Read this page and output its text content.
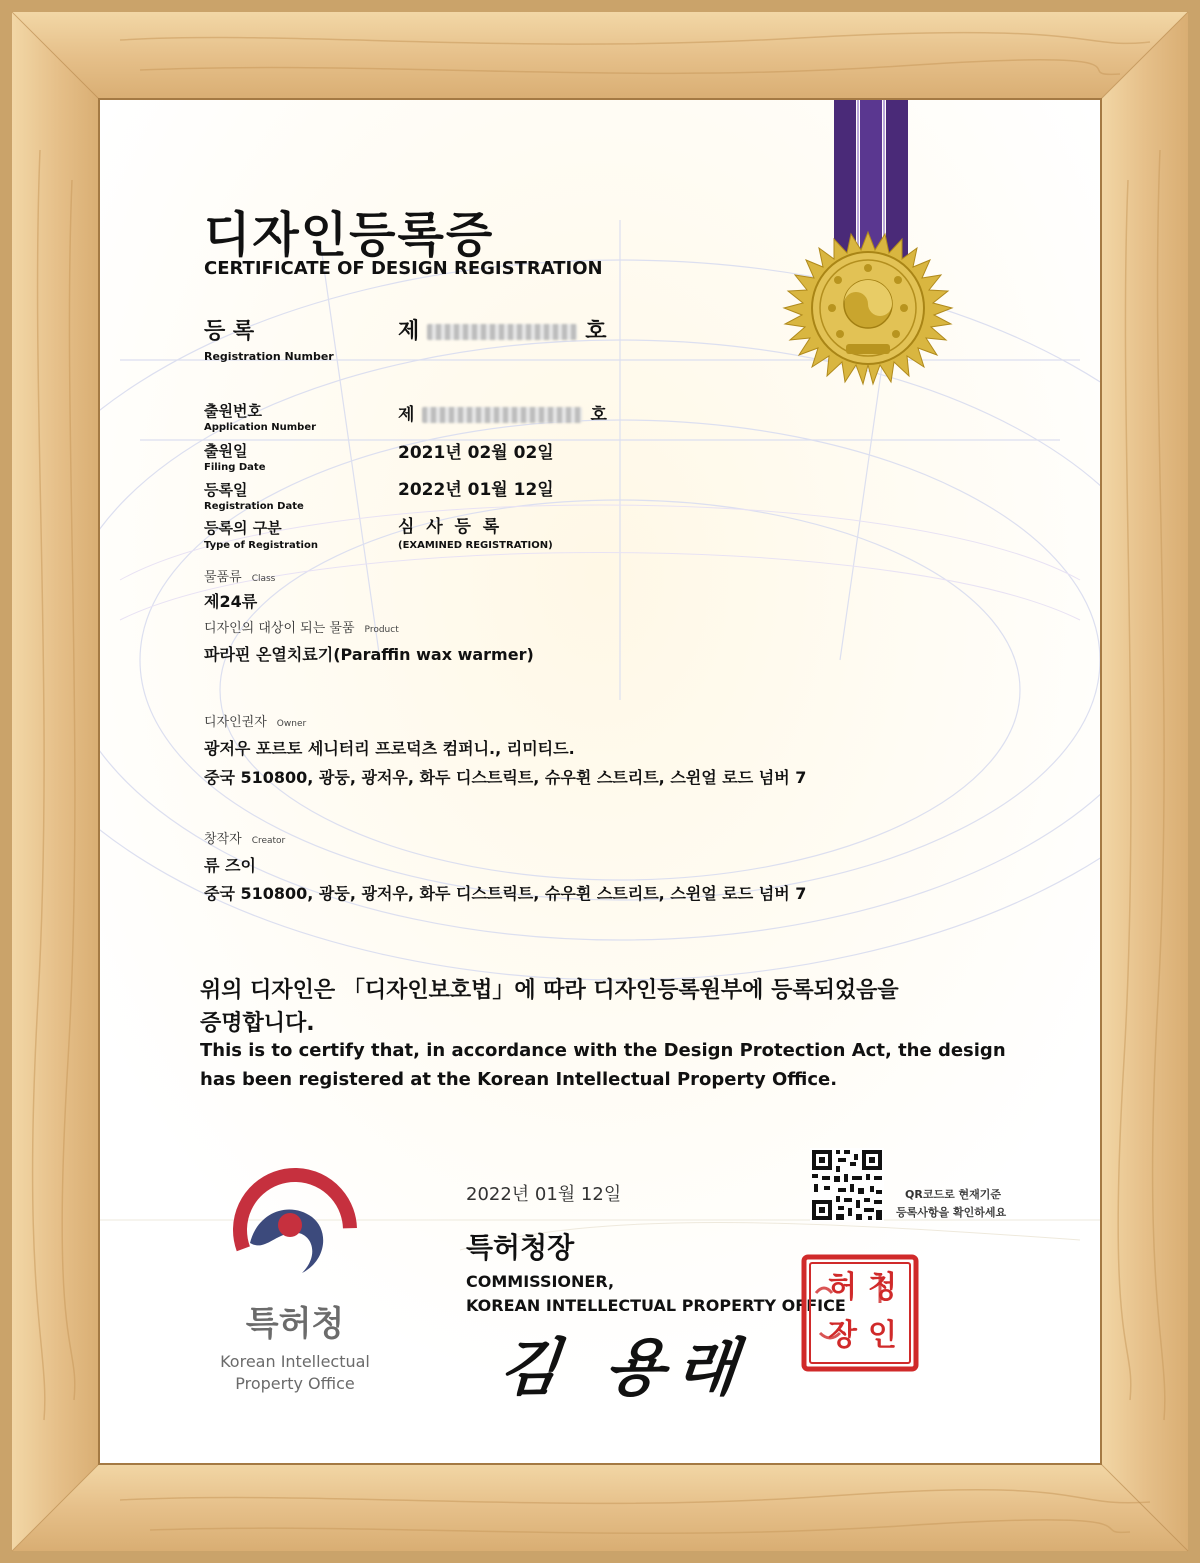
디자인등록증
CERTIFICATE OF DESIGN REGISTRATION
등 록
Registration Number
제	호
출원번호
Application Number
제	호
출원일
Filing Date
2021년 02월 02일
등록일
Registration Date
2022년 01월 12일
등록의 구분
Type of Registration
심  사  등  록
(EXAMINED REGISTRATION)
물품류 Class
제24류
디자인의 대상이 되는 물품 Product
파라핀 온열치료기(Paraffin wax warmer)
디자인권자 Owner
광저우 포르토 세니터리 프로덕츠 컴퍼니., 리미티드.
중국 510800, 광둥, 광저우, 화두 디스트릭트, 슈우휜 스트리트, 스윈얼 로드 넘버 7
창작자 Creator
류 즈이
중국 510800, 광둥, 광저우, 화두 디스트릭트, 슈우휜 스트리트, 스윈얼 로드 넘버 7
위의 디자인은 「디자인보호법」에 따라 디자인등록원부에 등록되었음을
증명합니다.
This is to certify that, in accordance with the Design Protection Act, the design
has been registered at the Korean Intellectual Property Office.
특허청
Korean Intellectual
Property Office
2022년 01월 12일	QR코드로 현재기준
등록사항을 확인하세요
특허청장
COMMISSIONER,
KOREAN INTELLECTUAL PROPERTY OFFICE
김 용래
청
인
허
장
